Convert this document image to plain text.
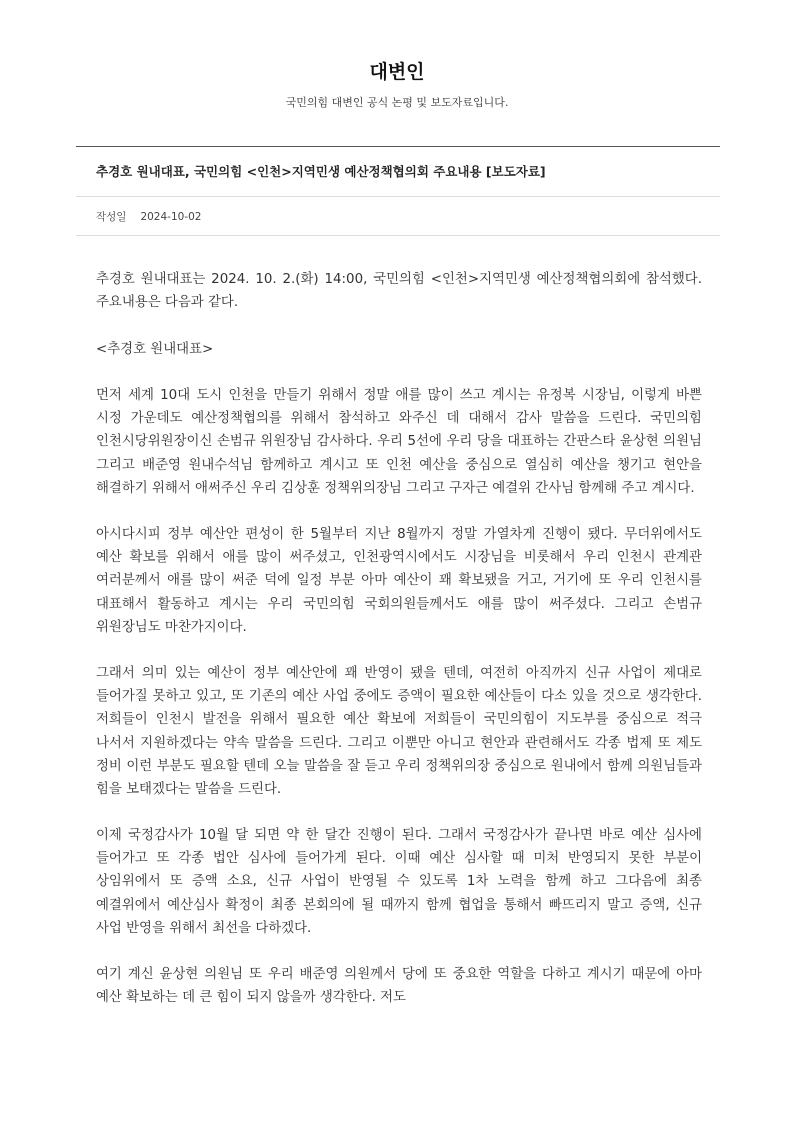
대변인
국민의힘 대변인 공식 논평 및 보도자료입니다.
추경호 원내대표, 국민의힘 <인천>지역민생 예산정책협의회 주요내용 [보도자료]
작성일 2024-10-02

추경호 원내대표는 2024. 10. 2.(화) 14:00, 국민의힘 <인천>지역민생 예산정책협의회에 참석했다. 주요내용은 다음과 같다.

<추경호 원내대표>

먼저 세계 10대 도시 인천을 만들기 위해서 정말 애를 많이 쓰고 계시는 유정복 시장님, 이렇게 바쁜 시정 가운데도 예산정책협의를 위해서 참석하고 와주신 데 대해서 감사 말씀을 드린다. 국민의힘 인천시당위원장이신 손범규 위원장님 감사하다. 우리 5선에 우리 당을 대표하는 간판스타 윤상현 의원님 그리고 배준영 원내수석님 함께하고 계시고 또 인천 예산을 중심으로 열심히 예산을 챙기고 현안을 해결하기 위해서 애써주신 우리 김상훈 정책위의장님 그리고 구자근 예결위 간사님 함께해 주고 계시다.

아시다시피 정부 예산안 편성이 한 5월부터 지난 8월까지 정말 가열차게 진행이 됐다. 무더위에서도 예산 확보를 위해서 애를 많이 써주셨고, 인천광역시에서도 시장님을 비롯해서 우리 인천시 관계관 여러분께서 애를 많이 써준 덕에 일정 부분 아마 예산이 꽤 확보됐을 거고, 거기에 또 우리 인천시를 대표해서 활동하고 계시는 우리 국민의힘 국회의원들께서도 애를 많이 써주셨다. 그리고 손범규 위원장님도 마찬가지이다.

그래서 의미 있는 예산이 정부 예산안에 꽤 반영이 됐을 텐데, 여전히 아직까지 신규 사업이 제대로 들어가질 못하고 있고, 또 기존의 예산 사업 중에도 증액이 필요한 예산들이 다소 있을 것으로 생각한다. 저희들이 인천시 발전을 위해서 필요한 예산 확보에 저희들이 국민의힘이 지도부를 중심으로 적극 나서서 지원하겠다는 약속 말씀을 드린다. 그리고 이뿐만 아니고 현안과 관련해서도 각종 법제 또 제도 정비 이런 부분도 필요할 텐데 오늘 말씀을 잘 듣고 우리 정책위의장 중심으로 원내에서 함께 의원님들과 힘을 보태겠다는 말씀을 드린다.

이제 국정감사가 10월 달 되면 약 한 달간 진행이 된다. 그래서 국정감사가 끝나면 바로 예산 심사에 들어가고 또 각종 법안 심사에 들어가게 된다. 이때 예산 심사할 때 미처 반영되지 못한 부분이 상임위에서 또 증액 소요, 신규 사업이 반영될 수 있도록 1차 노력을 함께 하고 그다음에 최종 예결위에서 예산심사 확정이 최종 본회의에 될 때까지 함께 협업을 통해서 빠뜨리지 말고 증액, 신규 사업 반영을 위해서 최선을 다하겠다.

여기 계신 윤상현 의원님 또 우리 배준영 의원께서 당에 또 중요한 역할을 다하고 계시기 때문에 아마 예산 확보하는 데 큰 힘이 되지 않을까 생각한다. 저도
